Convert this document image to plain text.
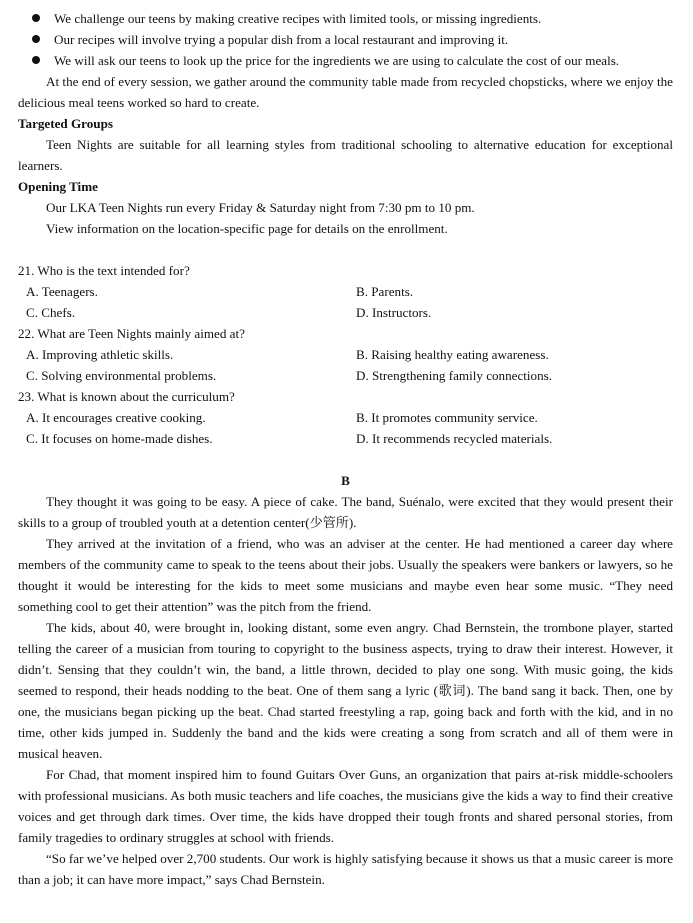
We challenge our teens by making creative recipes with limited tools, or missing ingredients.
Our recipes will involve trying a popular dish from a local restaurant and improving it.
We will ask our teens to look up the price for the ingredients we are using to calculate the cost of our meals.

At the end of every session, we gather around the community table made from recycled chopsticks, where we enjoy the delicious meal teens worked so hard to create.

Targeted Groups

Teen Nights are suitable for all learning styles from traditional schooling to alternative education for exceptional learners.

Opening Time

Our LKA Teen Nights run every Friday & Saturday night from 7:30 pm to 10 pm.

View information on the location-specific page for details on the enrollment.

21. Who is the text intended for?

A. Teenagers.	B. Parents.
C. Chefs.	D. Instructors.

22. What are Teen Nights mainly aimed at?

A. Improving athletic skills.	B. Raising healthy eating awareness.
C. Solving environmental problems.	D. Strengthening family connections.

23. What is known about the curriculum?

A. It encourages creative cooking.	B. It promotes community service.
C. It focuses on home-made dishes.	D. It recommends recycled materials.

B

They thought it was going to be easy. A piece of cake. The band, Suénalo, were excited that they would present their skills to a group of troubled youth at a detention center(少管所).

They arrived at the invitation of a friend, who was an adviser at the center. He had mentioned a career day where members of the community came to speak to the teens about their jobs. Usually the speakers were bankers or lawyers, so he thought it would be interesting for the kids to meet some musicians and maybe even hear some music. “They need something cool to get their attention” was the pitch from the friend.

The kids, about 40, were brought in, looking distant, some even angry. Chad Bernstein, the trombone player, started telling the career of a musician from touring to copyright to the business aspects, trying to draw their interest. However, it didn’t. Sensing that they couldn’t win, the band, a little thrown, decided to play one song. With music going, the kids seemed to respond, their heads nodding to the beat. One of them sang a lyric (歌词). The band sang it back. Then, one by one, the musicians began picking up the beat. Chad started freestyling a rap, going back and forth with the kid, and in no time, other kids jumped in. Suddenly the band and the kids were creating a song from scratch and all of them were in musical heaven.

For Chad, that moment inspired him to found Guitars Over Guns, an organization that pairs at-risk middle-schoolers with professional musicians. As both music teachers and life coaches, the musicians give the kids a way to find their creative voices and get through dark times. Over time, the kids have dropped their tough fronts and shared personal stories, from family tragedies to ordinary struggles at school with friends.

“So far we’ve helped over 2,700 students. Our work is highly satisfying because it shows us that a music career is more than a job; it can have more impact,” says Chad Bernstein.
